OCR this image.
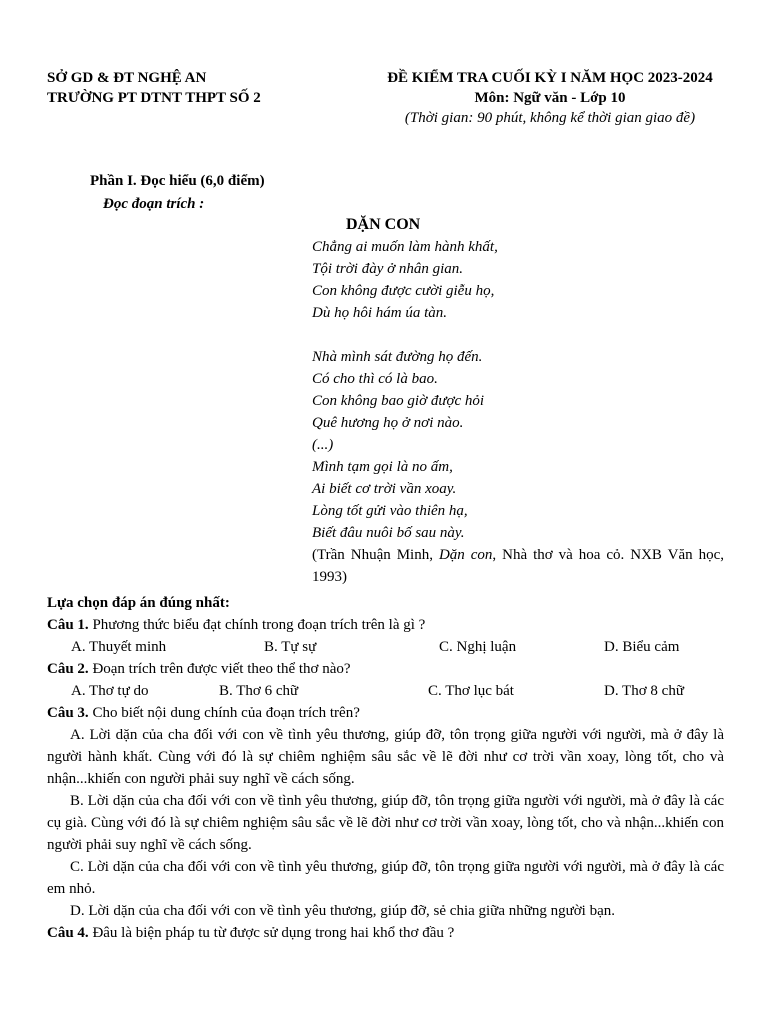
SỞ GD & ĐT NGHỆ AN
TRƯỜNG PT DTNT THPT SỐ 2
ĐỀ KIỂM TRA CUỐI KỲ I NĂM HỌC 2023-2024
Môn: Ngữ văn - Lớp 10
(Thời gian: 90 phút, không kể thời gian giao đề)
Phần I. Đọc hiểu (6,0 điểm)
Đọc đoạn trích :
DẶN CON
Chẳng ai muốn làm hành khất,
Tội trời đày ở nhân gian.
Con không được cười giễu họ,
Dù họ hôi hám úa tàn.
Nhà mình sát đường họ đến.
Có cho thì có là bao.
Con không bao giờ được hỏi
Quê hương họ ở nơi nào.
(...)
Mình tạm gọi là no ấm,
Ai biết cơ trời vần xoay.
Lòng tốt gửi vào thiên hạ,
Biết đâu nuôi bố sau này.
(Trần Nhuận Minh, Dặn con, Nhà thơ và hoa cỏ. NXB Văn học, 1993)
Lựa chọn đáp án đúng nhất:
Câu 1. Phương thức biểu đạt chính trong đoạn trích trên là gì ?
A. Thuyết minh	B. Tự sự	C. Nghị luận	D. Biểu cảm
Câu 2. Đoạn trích trên được viết theo thể thơ nào?
A. Thơ tự do	B. Thơ 6 chữ	C. Thơ lục bát	D. Thơ 8 chữ
Câu 3. Cho biết nội dung chính của đoạn trích trên?
A. Lời dặn của cha đối với con về tình yêu thương, giúp đỡ, tôn trọng giữa người với người, mà ở đây là người hành khất. Cùng với đó là sự chiêm nghiệm sâu sắc về lẽ đời như cơ trời vần xoay, lòng tốt, cho và nhận...khiến con người phải suy nghĩ về cách sống.
B. Lời dặn của cha đối với con về tình yêu thương, giúp đỡ, tôn trọng giữa người với người, mà ở đây là các cụ già. Cùng với đó là sự chiêm nghiệm sâu sắc về lẽ đời như cơ trời vần xoay, lòng tốt, cho và nhận...khiến con người phải suy nghĩ về cách sống.
C. Lời dặn của cha đối với con về tình yêu thương, giúp đỡ, tôn trọng giữa người với người, mà ở đây là các em nhỏ.
D. Lời dặn của cha đối với con về tình yêu thương, giúp đỡ, sẻ chia giữa những người bạn.
Câu 4. Đâu là biện pháp tu từ được sử dụng trong hai khổ thơ đầu ?
